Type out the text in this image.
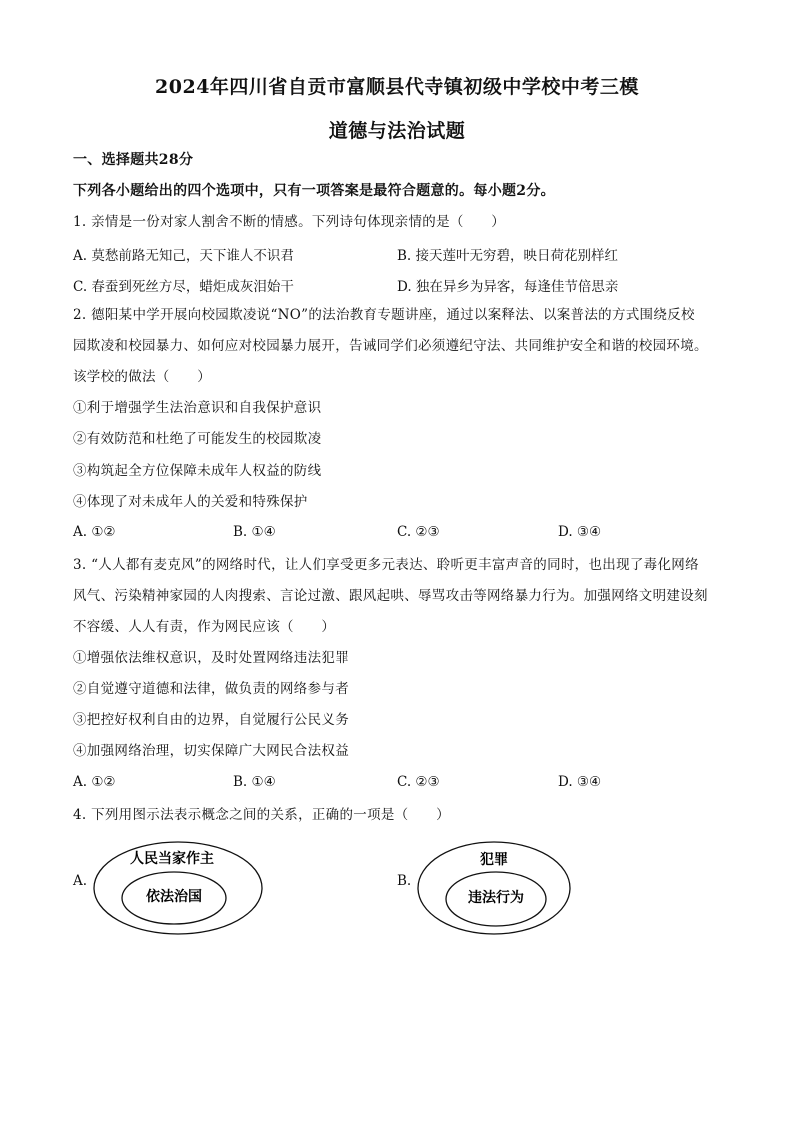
2024年四川省自贡市富顺县代寺镇初级中学校中考三模
道德与法治试题
一、选择题共28分
下列各小题给出的四个选项中，只有一项答案是最符合题意的。每小题2分。
1. 亲情是一份对家人割舍不断的情感。下列诗句体现亲情的是（　　）
A. 莫愁前路无知己，天下谁人不识君	B. 接天莲叶无穷碧，映日荷花别样红
C. 春蚕到死丝方尽，蜡炬成灰泪始干	D. 独在异乡为异客，每逢佳节倍思亲
2. 德阳某中学开展向校园欺凌说“NO”的法治教育专题讲座，通过以案释法、以案普法的方式围绕反校
园欺凌和校园暴力、如何应对校园暴力展开，告诫同学们必须遵纪守法、共同维护安全和谐的校园环境。
该学校的做法（　　）
①利于增强学生法治意识和自我保护意识
②有效防范和杜绝了可能发生的校园欺凌
③构筑起全方位保障未成年人权益的防线
④体现了对未成年人的关爱和特殊保护
A. ①②	B. ①④	C. ②③	D. ③④
3. “人人都有麦克风”的网络时代，让人们享受更多元表达、聆听更丰富声音的同时，也出现了毒化网络
风气、污染精神家园的人肉搜索、言论过激、跟风起哄、辱骂攻击等网络暴力行为。加强网络文明建设刻
不容缓、人人有责，作为网民应该（　　）
①增强依法维权意识，及时处置网络违法犯罪
②自觉遵守道德和法律，做负责的网络参与者
③把控好权利自由的边界，自觉履行公民义务
④加强网络治理，切实保障广大网民合法权益
A. ①②	B. ①④	C. ②③	D. ③④
4. 下列用图示法表示概念之间的关系，正确的一项是（　　）
A.
人民当家作主
依法治国
B.
犯罪
违法行为
